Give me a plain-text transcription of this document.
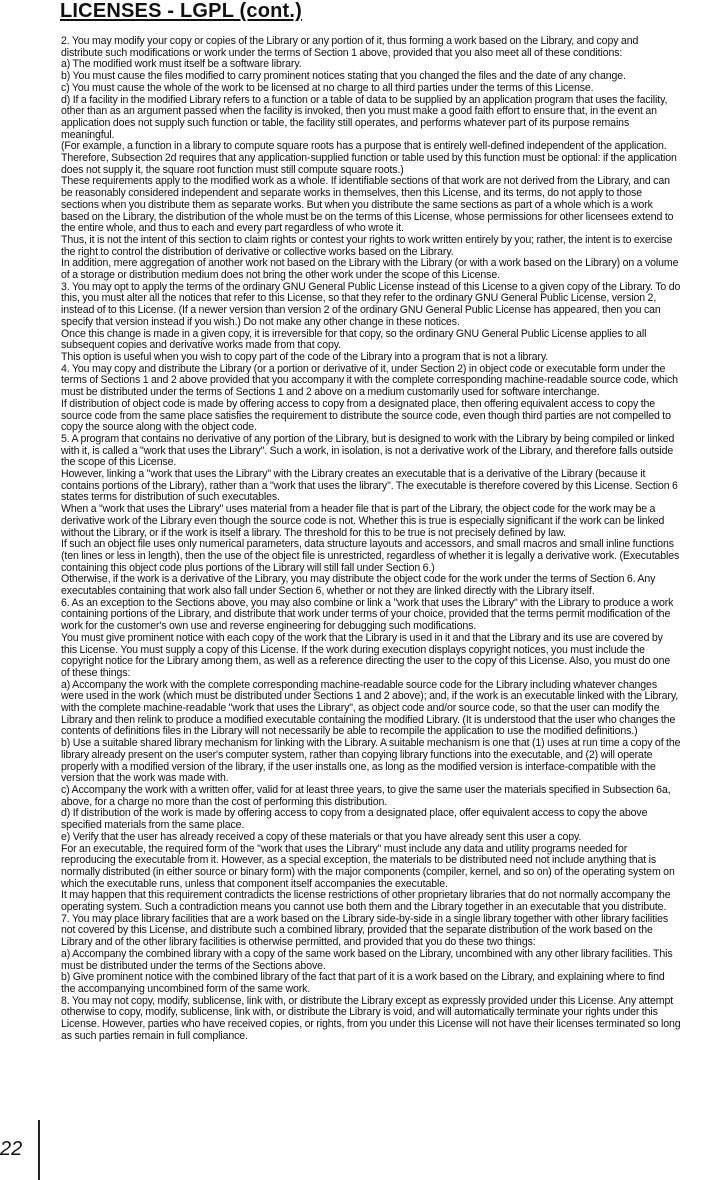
LICENSES - LGPL (cont.)

2. You may modify your copy or copies of the Library or any portion of it, thus forming a work based on the Library, and copy and distribute such modifications or work under the terms of Section 1 above, provided that you also meet all of these conditions:

a) The modified work must itself be a software library.

b) You must cause the files modified to carry prominent notices stating that you changed the files and the date of any change.

c) You must cause the whole of the work to be licensed at no charge to all third parties under the terms of this License.

d) If a facility in the modified Library refers to a function or a table of data to be supplied by an application program that uses the facility, other than as an argument passed when the facility is invoked, then you must make a good faith effort to ensure that, in the event an application does not supply such function or table, the facility still operates, and performs whatever part of its purpose remains meaningful.

(For example, a function in a library to compute square roots has a purpose that is entirely well-defined independent of the application. Therefore, Subsection 2d requires that any application-supplied function or table used by this function must be optional: if the application does not supply it, the square root function must still compute square roots.)

These requirements apply to the modified work as a whole. If identifiable sections of that work are not derived from the Library, and can be reasonably considered independent and separate works in themselves, then this License, and its terms, do not apply to those sections when you distribute them as separate works. But when you distribute the same sections as part of a whole which is a work based on the Library, the distribution of the whole must be on the terms of this License, whose permissions for other licensees extend to the entire whole, and thus to each and every part regardless of who wrote it.

Thus, it is not the intent of this section to claim rights or contest your rights to work written entirely by you; rather, the intent is to exercise the right to control the distribution of derivative or collective works based on the Library.

In addition, mere aggregation of another work not based on the Library with the Library (or with a work based on the Library) on a volume of a storage or distribution medium does not bring the other work under the scope of this License.

3. You may opt to apply the terms of the ordinary GNU General Public License instead of this License to a given copy of the Library. To do this, you must alter all the notices that refer to this License, so that they refer to the ordinary GNU General Public License, version 2, instead of to this License. (If a newer version than version 2 of the ordinary GNU General Public License has appeared, then you can specify that version instead if you wish.) Do not make any other change in these notices.

Once this change is made in a given copy, it is irreversible for that copy, so the ordinary GNU General Public License applies to all subsequent copies and derivative works made from that copy.

This option is useful when you wish to copy part of the code of the Library into a program that is not a library.

4. You may copy and distribute the Library (or a portion or derivative of it, under Section 2) in object code or executable form under the terms of Sections 1 and 2 above provided that you accompany it with the complete corresponding machine-readable source code, which must be distributed under the terms of Sections 1 and 2 above on a medium customarily used for software interchange.

If distribution of object code is made by offering access to copy from a designated place, then offering equivalent access to copy the source code from the same place satisfies the requirement to distribute the source code, even though third parties are not compelled to copy the source along with the object code.

5. A program that contains no derivative of any portion of the Library, but is designed to work with the Library by being compiled or linked with it, is called a "work that uses the Library". Such a work, in isolation, is not a derivative work of the Library, and therefore falls outside the scope of this License.

However, linking a "work that uses the Library" with the Library creates an executable that is a derivative of the Library (because it contains portions of the Library), rather than a "work that uses the library". The executable is therefore covered by this License. Section 6 states terms for distribution of such executables.

When a "work that uses the Library" uses material from a header file that is part of the Library, the object code for the work may be a derivative work of the Library even though the source code is not. Whether this is true is especially significant if the work can be linked without the Library, or if the work is itself a library. The threshold for this to be true is not precisely defined by law.

If such an object file uses only numerical parameters, data structure layouts and accessors, and small macros and small inline functions (ten lines or less in length), then the use of the object file is unrestricted, regardless of whether it is legally a derivative work. (Executables containing this object code plus portions of the Library will still fall under Section 6.)

Otherwise, if the work is a derivative of the Library, you may distribute the object code for the work under the terms of Section 6. Any executables containing that work also fall under Section 6, whether or not they are linked directly with the Library itself.

6. As an exception to the Sections above, you may also combine or link a "work that uses the Library" with the Library to produce a work containing portions of the Library, and distribute that work under terms of your choice, provided that the terms permit modification of the work for the customer's own use and reverse engineering for debugging such modifications.

You must give prominent notice with each copy of the work that the Library is used in it and that the Library and its use are covered by this License. You must supply a copy of this License. If the work during execution displays copyright notices, you must include the copyright notice for the Library among them, as well as a reference directing the user to the copy of this License. Also, you must do one of these things:

a) Accompany the work with the complete corresponding machine-readable source code for the Library including whatever changes were used in the work (which must be distributed under Sections 1 and 2 above); and, if the work is an executable linked with the Library, with the complete machine-readable "work that uses the Library", as object code and/or source code, so that the user can modify the Library and then relink to produce a modified executable containing the modified Library. (It is understood that the user who changes the contents of definitions files in the Library will not necessarily be able to recompile the application to use the modified definitions.)

b) Use a suitable shared library mechanism for linking with the Library. A suitable mechanism is one that (1) uses at run time a copy of the library already present on the user's computer system, rather than copying library functions into the executable, and (2) will operate properly with a modified version of the library, if the user installs one, as long as the modified version is interface-compatible with the version that the work was made with.

c) Accompany the work with a written offer, valid for at least three years, to give the same user the materials specified in Subsection 6a, above, for a charge no more than the cost of performing this distribution.

d) If distribution of the work is made by offering access to copy from a designated place, offer equivalent access to copy the above specified materials from the same place.

e) Verify that the user has already received a copy of these materials or that you have already sent this user a copy.

For an executable, the required form of the "work that uses the Library" must include any data and utility programs needed for reproducing the executable from it. However, as a special exception, the materials to be distributed need not include anything that is normally distributed (in either source or binary form) with the major components (compiler, kernel, and so on) of the operating system on which the executable runs, unless that component itself accompanies the executable.

It may happen that this requirement contradicts the license restrictions of other proprietary libraries that do not normally accompany the operating system. Such a contradiction means you cannot use both them and the Library together in an executable that you distribute.

7. You may place library facilities that are a work based on the Library side-by-side in a single library together with other library facilities not covered by this License, and distribute such a combined library, provided that the separate distribution of the work based on the Library and of the other library facilities is otherwise permitted, and provided that you do these two things:

a) Accompany the combined library with a copy of the same work based on the Library, uncombined with any other library facilities. This must be distributed under the terms of the Sections above.

b) Give prominent notice with the combined library of the fact that part of it is a work based on the Library, and explaining where to find the accompanying uncombined form of the same work.

8. You may not copy, modify, sublicense, link with, or distribute the Library except as expressly provided under this License. Any attempt otherwise to copy, modify, sublicense, link with, or distribute the Library is void, and will automatically terminate your rights under this License. However, parties who have received copies, or rights, from you under this License will not have their licenses terminated so long as such parties remain in full compliance.

22
